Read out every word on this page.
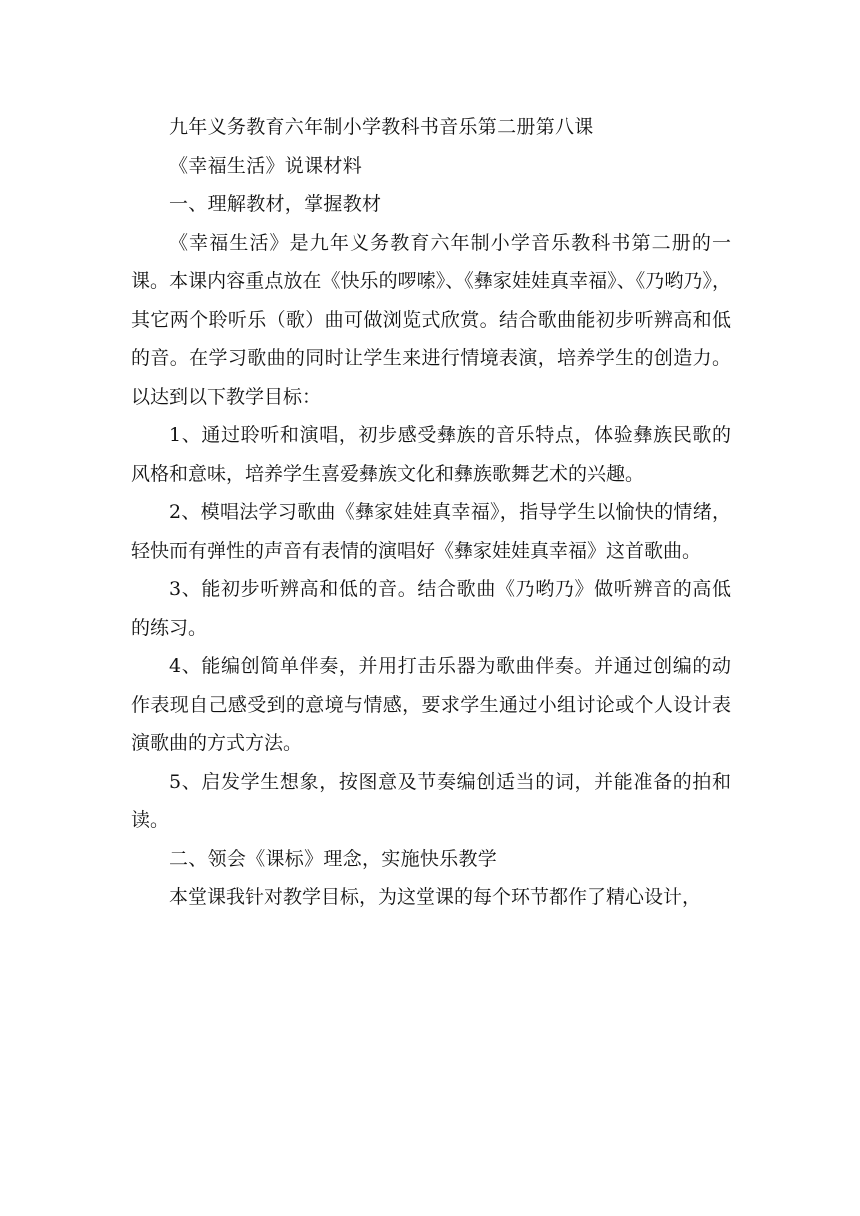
九年义务教育六年制小学教科书音乐第二册第八课

《幸福生活》说课材料

一、理解教材，掌握教材

《幸福生活》是九年义务教育六年制小学音乐教科书第二册的一课。本课内容重点放在《快乐的啰嗦》、《彝家娃娃真幸福》、《乃哟乃》，其它两个聆听乐（歌）曲可做浏览式欣赏。结合歌曲能初步听辨高和低的音。在学习歌曲的同时让学生来进行情境表演，培养学生的创造力。以达到以下教学目标：

1、通过聆听和演唱，初步感受彝族的音乐特点，体验彝族民歌的风格和意味，培养学生喜爱彝族文化和彝族歌舞艺术的兴趣。

2、模唱法学习歌曲《彝家娃娃真幸福》，指导学生以愉快的情绪，轻快而有弹性的声音有表情的演唱好《彝家娃娃真幸福》这首歌曲。

3、能初步听辨高和低的音。结合歌曲《乃哟乃》做听辨音的高低的练习。

4、能编创简单伴奏，并用打击乐器为歌曲伴奏。并通过创编的动作表现自己感受到的意境与情感，要求学生通过小组讨论或个人设计表演歌曲的方式方法。

5、启发学生想象，按图意及节奏编创适当的词，并能准备的拍和读。

二、领会《课标》理念，实施快乐教学

本堂课我针对教学目标，为这堂课的每个环节都作了精心设计，
